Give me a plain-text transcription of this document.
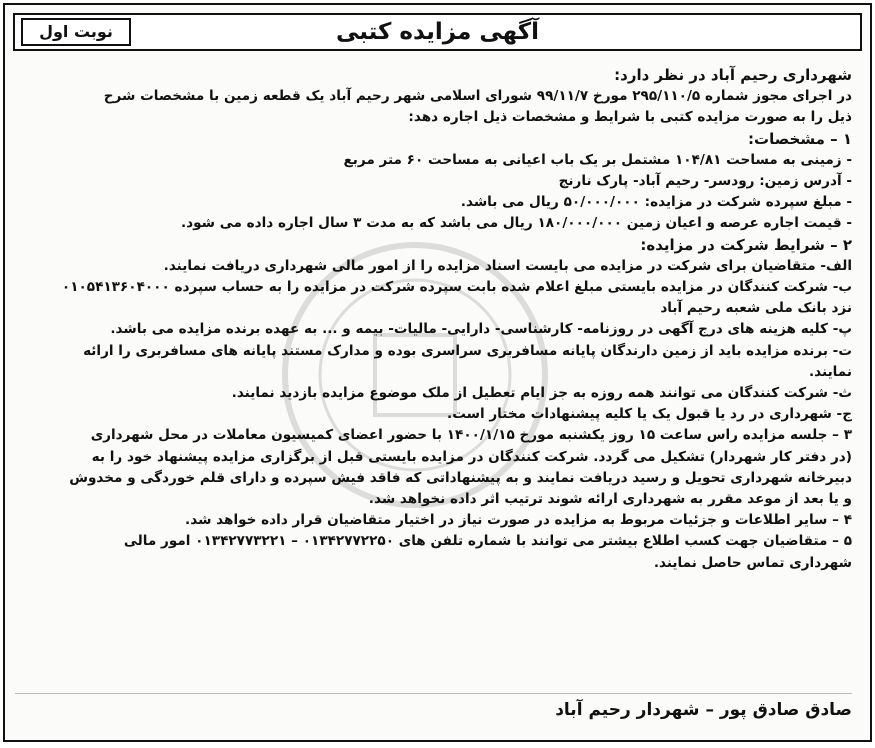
آگهی مزایده کتبی
نوبت اول

شهرداری رحیم آباد در نظر دارد:

در اجرای مجوز شماره ۲۹۵/۱۱۰/۵ مورخ ۹۹/۱۱/۷ شورای اسلامی شهر رحیم آباد یک قطعه زمین با مشخصات شرح

ذیل را به صورت مزایده کتبی با شرایط و مشخصات ذیل اجاره دهد:

۱ – مشخصات:

- زمینی به مساحت ۱۰۴/۸۱ مشتمل بر یک باب اعیانی به مساحت ۶۰ متر مربع

- آدرس زمین: رودسر- رحیم آباد- پارک نارنج

- مبلغ سپرده شرکت در مزایده: ۵۰/۰۰۰/۰۰۰ ریال می باشد.

- قیمت اجاره عرصه و اعیان زمین ۱۸۰/۰۰۰/۰۰۰ ریال می باشد که به مدت ۳ سال اجاره داده می شود.

۲ – شرایط شرکت در مزایده:

الف- متقاضیان برای شرکت در مزایده می بایست اسناد مزایده را از امور مالی شهرداری دریافت نمایند.

ب- شرکت کنندگان در مزایده بایستی مبلغ اعلام شده بابت سپرده شرکت در مزایده را به حساب سپرده ۰۱۰۵۴۱۳۶۰۴۰۰۰

نزد بانک ملی شعبه رحیم آباد

پ- کلیه هزینه های درج آگهی در روزنامه- کارشناسی- دارایی- مالیات- بیمه و ... به عهده برنده مزایده می باشد.

ت- برنده مزایده باید از زمین دارندگان پایانه مسافربری سراسری بوده و مدارک مستند پایانه های مسافربری را ارائه

نمایند.

ث- شرکت کنندگان می توانند همه روزه به جز ایام تعطیل از ملک موضوع مزایده بازدید نمایند.

ج- شهرداری در رد یا قبول یک یا کلیه پیشنهادات مختار است.

۳ – جلسه مزایده راس ساعت ۱۵ روز یکشنبه مورخ ۱۴۰۰/۱/۱۵ با حضور اعضای کمیسیون معاملات در محل شهرداری

(در دفتر کار شهردار) تشکیل می گردد. شرکت کنندگان در مزایده بایستی قبل از برگزاری مزایده پیشنهاد خود را به

دبیرخانه شهرداری تحویل و رسید دریافت نمایند و به پیشنهاداتی که فاقد فیش سپرده و دارای قلم خوردگی و مخدوش

و یا بعد از موعد مقرر به شهرداری ارائه شوند ترتیب اثر داده نخواهد شد.

۴ – سایر اطلاعات و جزئیات مربوط به مزایده در صورت نیاز در اختیار متقاضیان قرار داده خواهد شد.

۵ – متقاضیان جهت کسب اطلاع بیشتر می توانند با شماره تلفن های ۰۱۳۴۲۷۷۲۲۵۰ – ۰۱۳۴۲۷۷۳۲۲۱ امور مالی

شهرداری تماس حاصل نمایند.

صادق صادق پور – شهردار رحیم آباد
